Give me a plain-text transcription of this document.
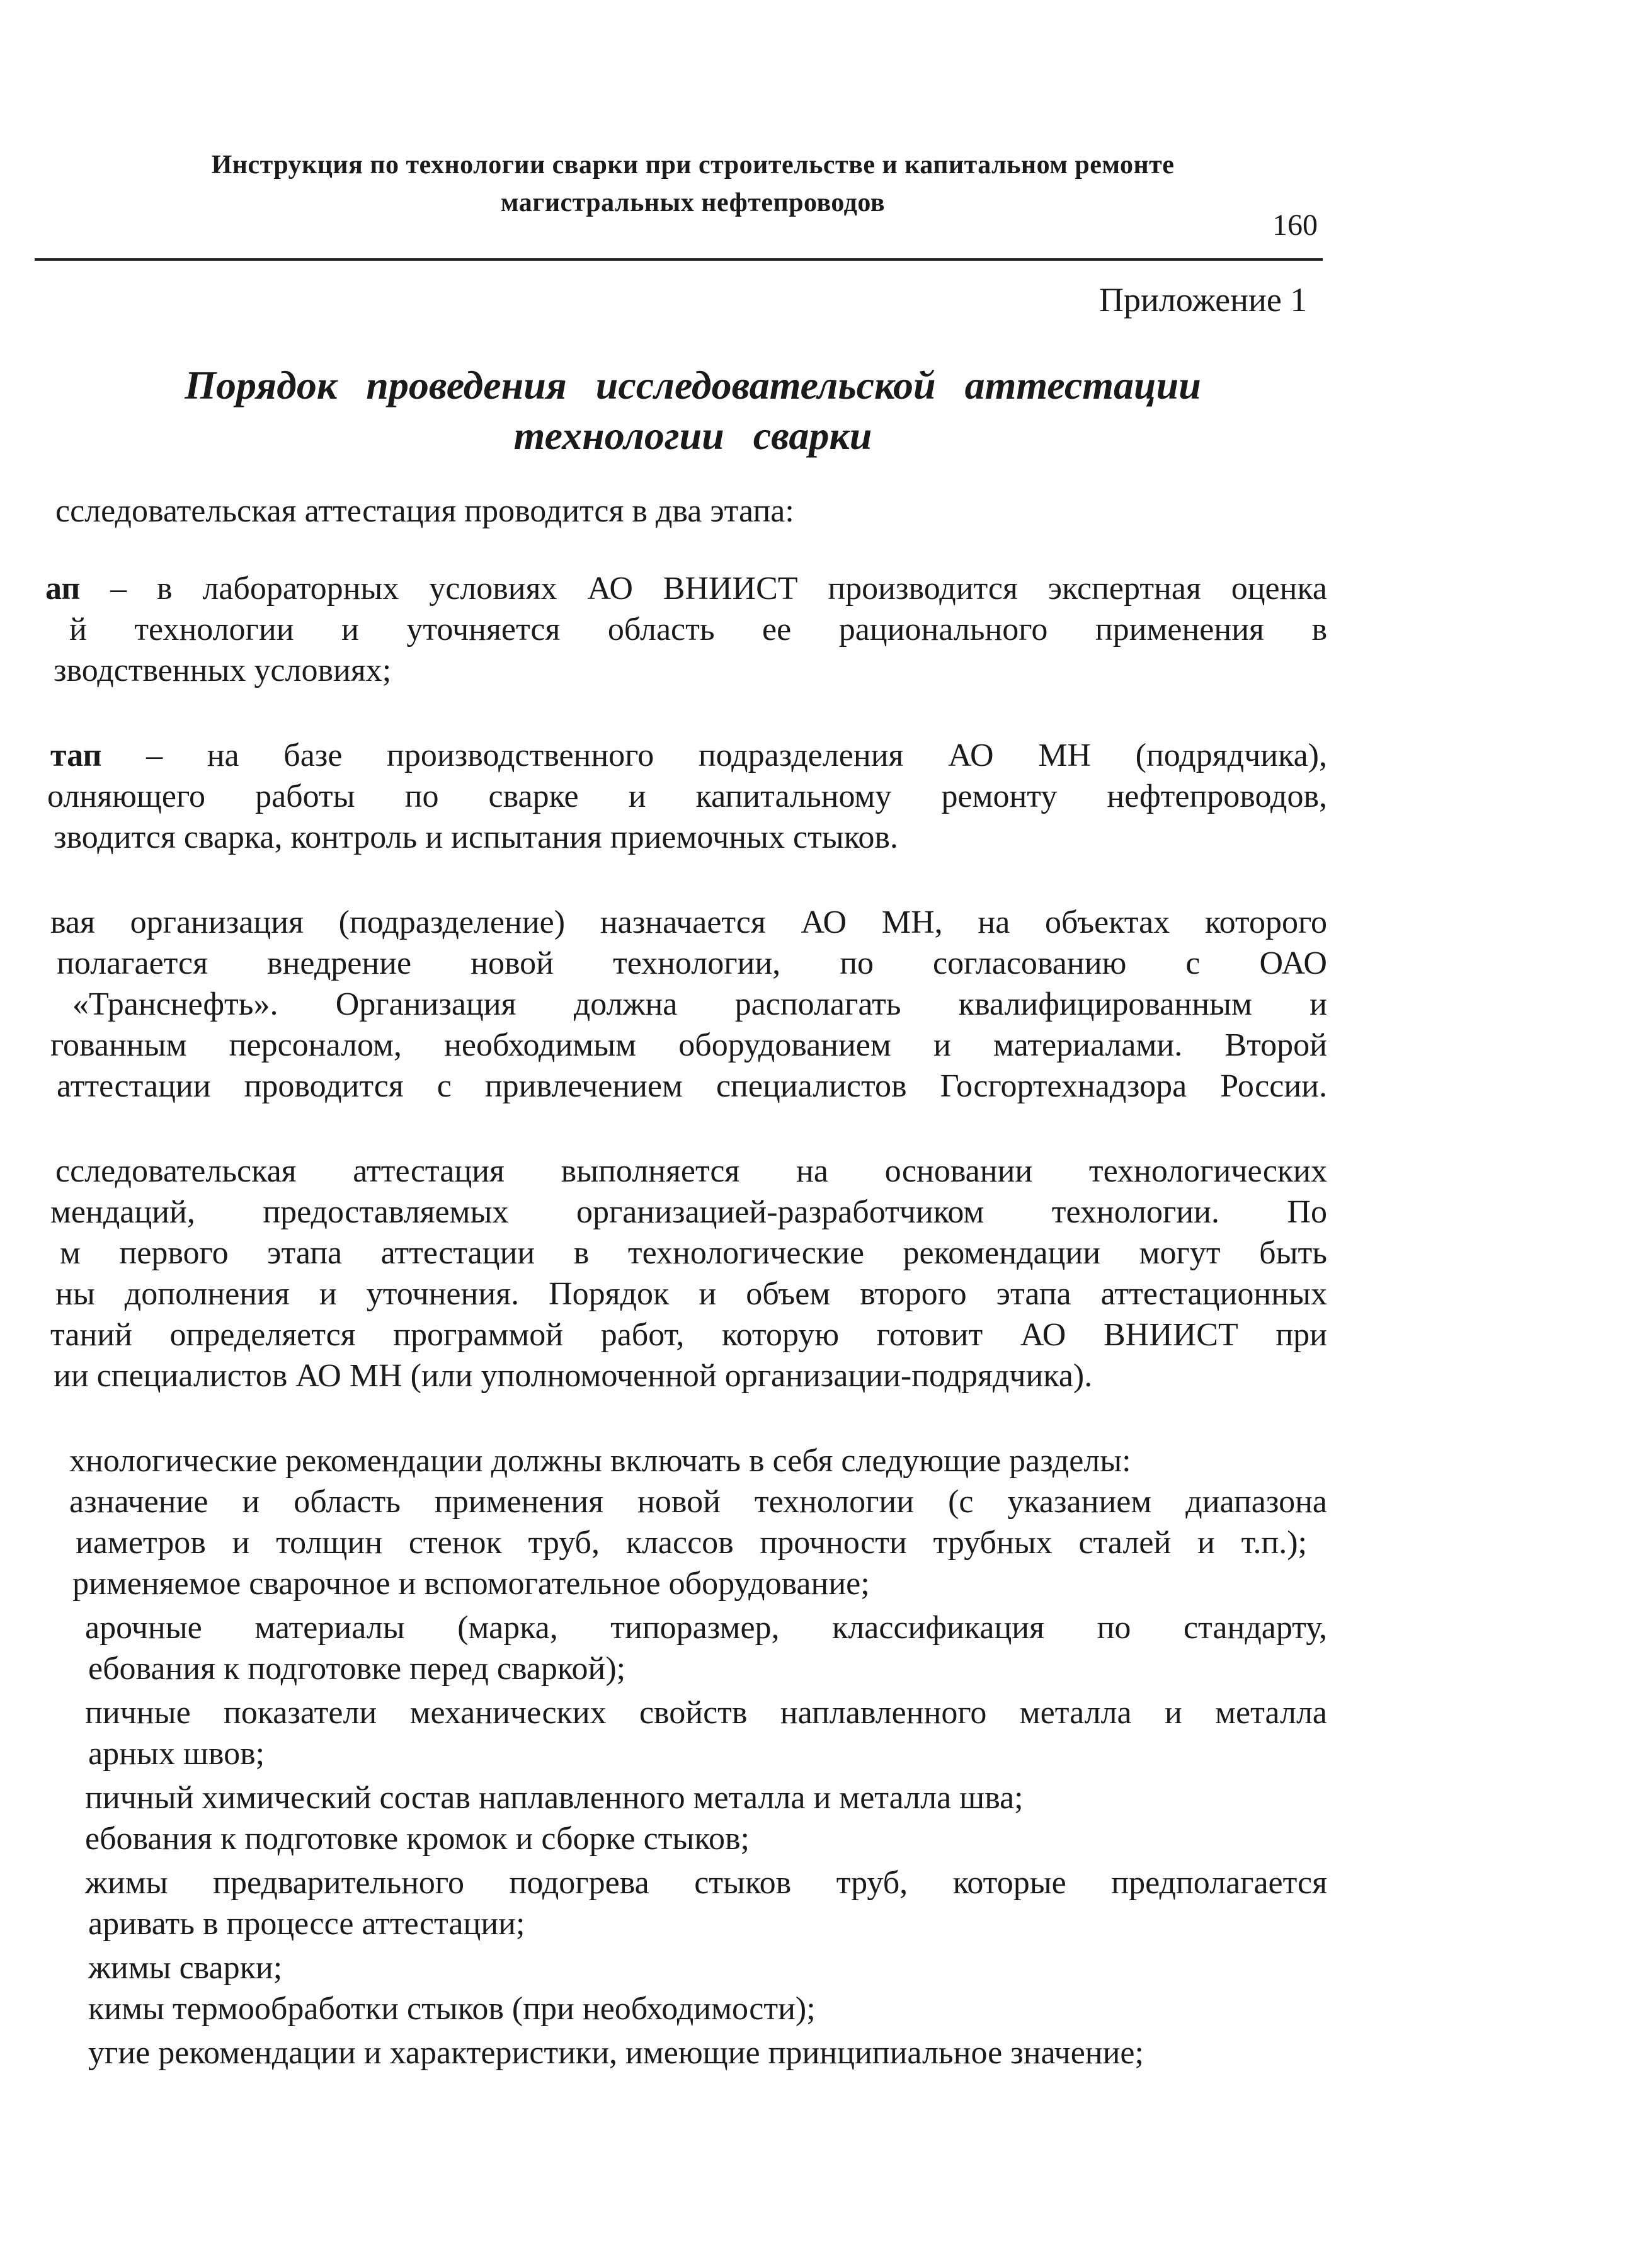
Инструкция по технологии сварки при строительстве и капитальном ремонте
магистральных нефтепроводов
160
Приложение 1
Порядок проведения исследовательской аттестации
технологии сварки
сследовательская аттестация проводится в два этапа:
ап – в лабораторных условиях АО ВНИИСТ производится экспертная оценка
й технологии и уточняется область ее рационального применения в
зводственных условиях;
тап – на базе производственного подразделения АО МН (подрядчика),
олняющего работы по сварке и капитальному ремонту нефтепроводов,
зводится сварка, контроль и испытания приемочных стыков.
вая организация (подразделение) назначается АО МН, на объектах которого
полагается внедрение новой технологии, по согласованию с ОАО
«Транснефть». Организация должна располагать квалифицированным и
гованным персоналом, необходимым оборудованием и материалами. Второй
аттестации проводится с привлечением специалистов Госгортехнадзора России.
сследовательская аттестация выполняется на основании технологических
мендаций, предоставляемых организацией-разработчиком технологии. По
м первого этапа аттестации в технологические рекомендации могут быть
ны дополнения и уточнения. Порядок и объем второго этапа аттестационных
таний определяется программой работ, которую готовит АО ВНИИСТ при
ии специалистов АО МН (или уполномоченной организации-подрядчика).
хнологические рекомендации должны включать в себя следующие разделы:
азначение и область применения новой технологии (с указанием диапазона
иаметров и толщин стенок труб, классов прочности трубных сталей и т.п.);
рименяемое сварочное и вспомогательное оборудование;
арочные материалы (марка, типоразмер, классификация по стандарту,
ебования к подготовке перед сваркой);
пичные показатели механических свойств наплавленного металла и металла
арных швов;
пичный химический состав наплавленного металла и металла шва;
ебования к подготовке кромок и сборке стыков;
жимы предварительного подогрева стыков труб, которые предполагается
аривать в процессе аттестации;
жимы сварки;
кимы термообработки стыков (при необходимости);
угие рекомендации и характеристики, имеющие принципиальное значение;
